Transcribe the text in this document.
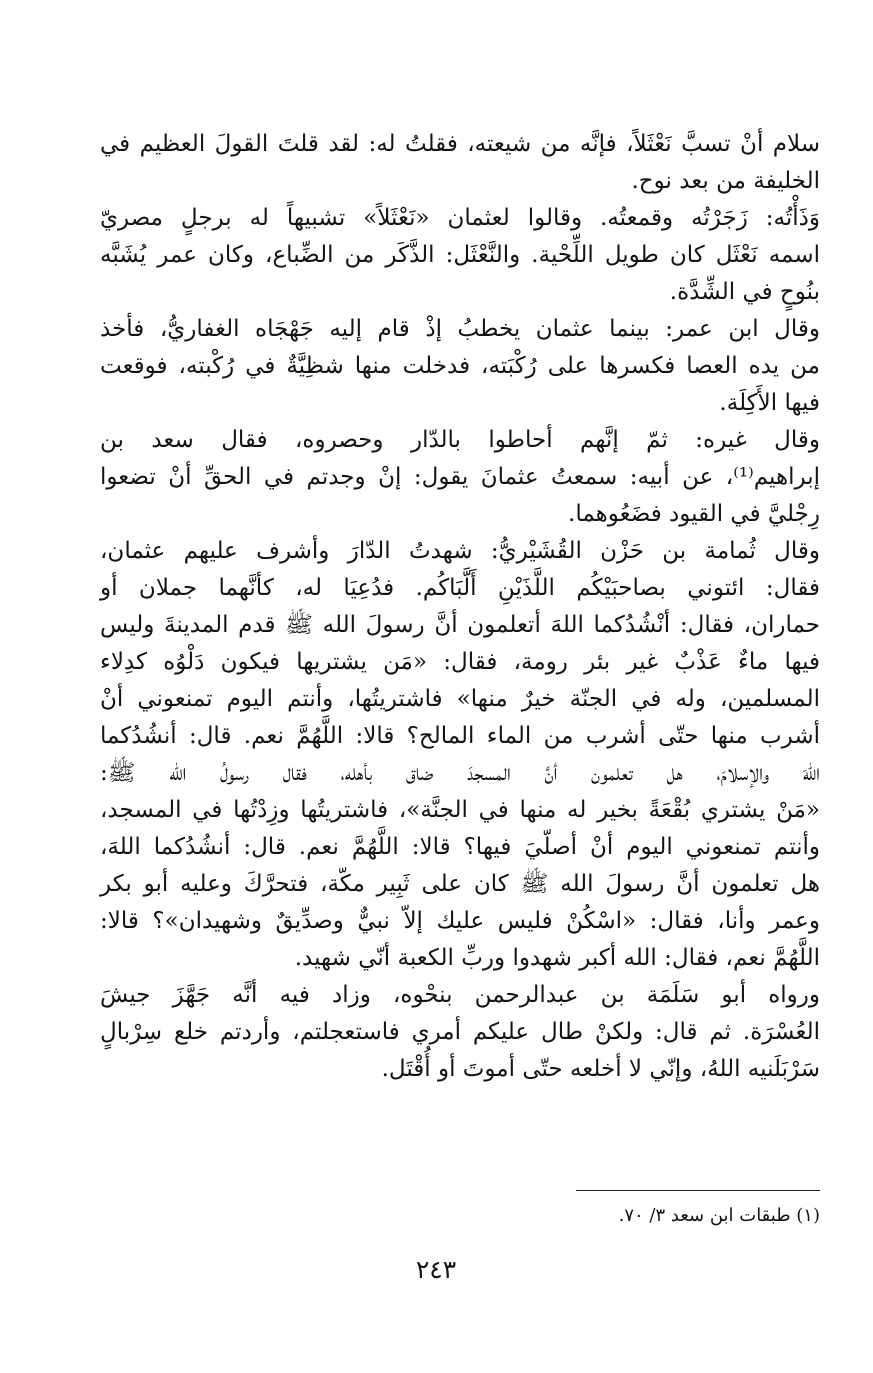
سلام أنْ تسبَّ نَعْثَلاً، فإنَّه من شيعته، فقلتُ له: لقد قلتَ القولَ العظيم في
الخليفة من بعد نوح.
وَذَأْتُه: زَجَرْتُه وقمعتُه. وقالوا لعثمان «نَعْثَلاً» تشبيهاً له برجلٍ مصريّ
اسمه نَعْثَل كان طويل اللِّحْية. والنَّعْثَل: الذَّكَر من الضِّباع، وكان عمر يُشَبَّه
بنُوحٍ في الشِّدَّة.
وقال ابن عمر: بينما عثمان يخطبُ إذْ قام إليه جَهْجَاه الغفاريُّ، فأخذ
من يده العصا فكسرها على رُكْبَته، فدخلت منها شظِيَّةٌ في رُكْبته، فوقعت
فيها الأَكِلَة.
وقال غيره: ثمّ إنَّهم أحاطوا بالدّار وحصروه، فقال سعد بن
إبراهيم⁽¹⁾، عن أبيه: سمعتُ عثمانَ يقول: إنْ وجدتم في الحقِّ أنْ تضعوا
رِجْليَّ في القيود فضَعُوهما.
وقال ثُمامة بن حَزْن القُشَيْريُّ: شهدتُ الدّارَ وأشرف عليهم عثمان،
فقال: ائتوني بصاحبَيْكُم اللَّذَيْنِ أَلَّبَاكُم. فدُعِيَا له، كأنَّهما جملان أو
حماران، فقال: أنْشُدُكما اللهَ أتعلمون أنَّ رسولَ الله ﷺ قدم المدينةَ وليس
فيها ماءٌ عَذْبٌ غير بئر رومة، فقال: «مَن يشتريها فيكون دَلْوُه كدِلاء
المسلمين، وله في الجنّة خيرٌ منها» فاشتريتُها، وأنتم اليوم تمنعوني أنْ
أشرب منها حتّى أشرب من الماء المالح؟ قالا: اللَّهُمَّ نعم. قال: أنشُدُكما
اللهَ والإسلامَ، هل تعلمون أنَّ المسجدَ ضاق بأهله، فقال رسولُ الله ﷺ:
«مَنْ يشتري بُقْعَةً بخير له منها في الجنَّة»، فاشتريتُها وزِدْتُها في المسجد،
وأنتم تمنعوني اليوم أنْ أصلّيَ فيها؟ قالا: اللَّهُمَّ نعم. قال: أنشُدُكما اللهَ،
هل تعلمون أنَّ رسولَ الله ﷺ كان على ثَبِير مكّة، فتحرَّكَ وعليه أبو بكر
وعمر وأنا، فقال: «اسْكُنْ فليس عليك إلاّ نبيٌّ وصدِّيقٌ وشهيدان»؟ قالا:
اللَّهُمَّ نعم، فقال: الله أكبر شهدوا وربِّ الكعبة أنّي شهيد.
ورواه أبو سَلَمَة بن عبدالرحمن بنحْوه، وزاد فيه أنَّه جَهَّزَ جيشَ
العُسْرَة. ثم قال: ولكنْ طال عليكم أمري فاستعجلتم، وأردتم خلع سِرْبالٍ
سَرْبَلَنيه اللهُ، وإنّي لا أخلعه حتّى أموتَ أو أُقْتَل.
(١) طبقات ابن سعد ٣/ ٧٠.
٢٤٣
